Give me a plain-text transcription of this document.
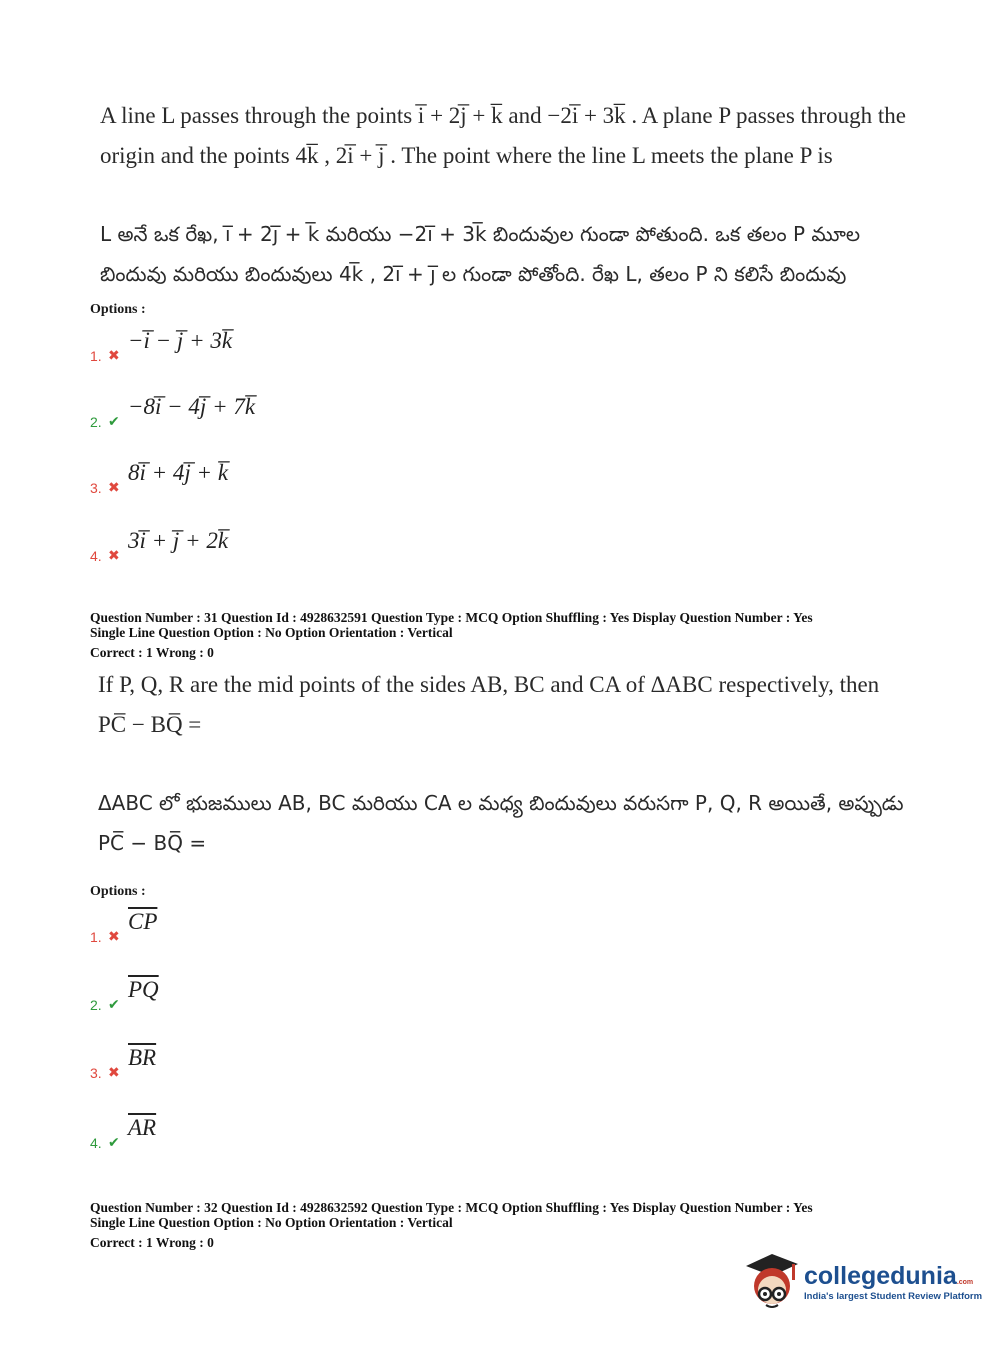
A line L passes through the points i̅ + 2j̅ + k̅ and −2i̅ + 3k̅ . A plane P passes through the origin and the points 4k̅ , 2i̅ + j̅ . The point where the line L meets the plane P is
L అనే ఒక రేఖ, i̅ + 2j̅ + k̅ మరియు −2i̅ + 3k̅ బిందువుల గుండా పోతుంది. ఒక తలం P మూల బిందువు మరియు బిందువులు 4k̅ , 2i̅ + j̅ ల గుండా పోతోంది. రేఖ L, తలం P ని కలిసే బిందువు
Options :
1. ✖
−i̅ − j̅ + 3k̅
2. ✔
−8i̅ − 4j̅ + 7k̅
3. ✖
8i̅ + 4j̅ + k̅
4. ✖
3i̅ + j̅ + 2k̅
Question Number : 31 Question Id : 4928632591 Question Type : MCQ Option Shuffling : Yes Display Question Number : Yes
Single Line Question Option : No Option Orientation : Vertical
Correct : 1 Wrong : 0
If P, Q, R are the mid points of the sides AB, BC and CA of ΔABC respectively, then PC̅ − BQ̅ =
ΔABC లో భుజములు AB, BC మరియు CA ల మధ్య బిందువులు వరుసగా P, Q, R అయితే, అప్పుడు PC̅ − BQ̅ =
Options :
1. ✖
$\overline{CP}$
2. ✔
$\overline{PQ}$
3. ✖
$\overline{BR}$
4. ✔
$\overline{AR}$
Question Number : 32 Question Id : 4928632592 Question Type : MCQ Option Shuffling : Yes Display Question Number : Yes
Single Line Question Option : No Option Orientation : Vertical
Correct : 1 Wrong : 0
collegedunia.com
India's largest Student Review Platform
